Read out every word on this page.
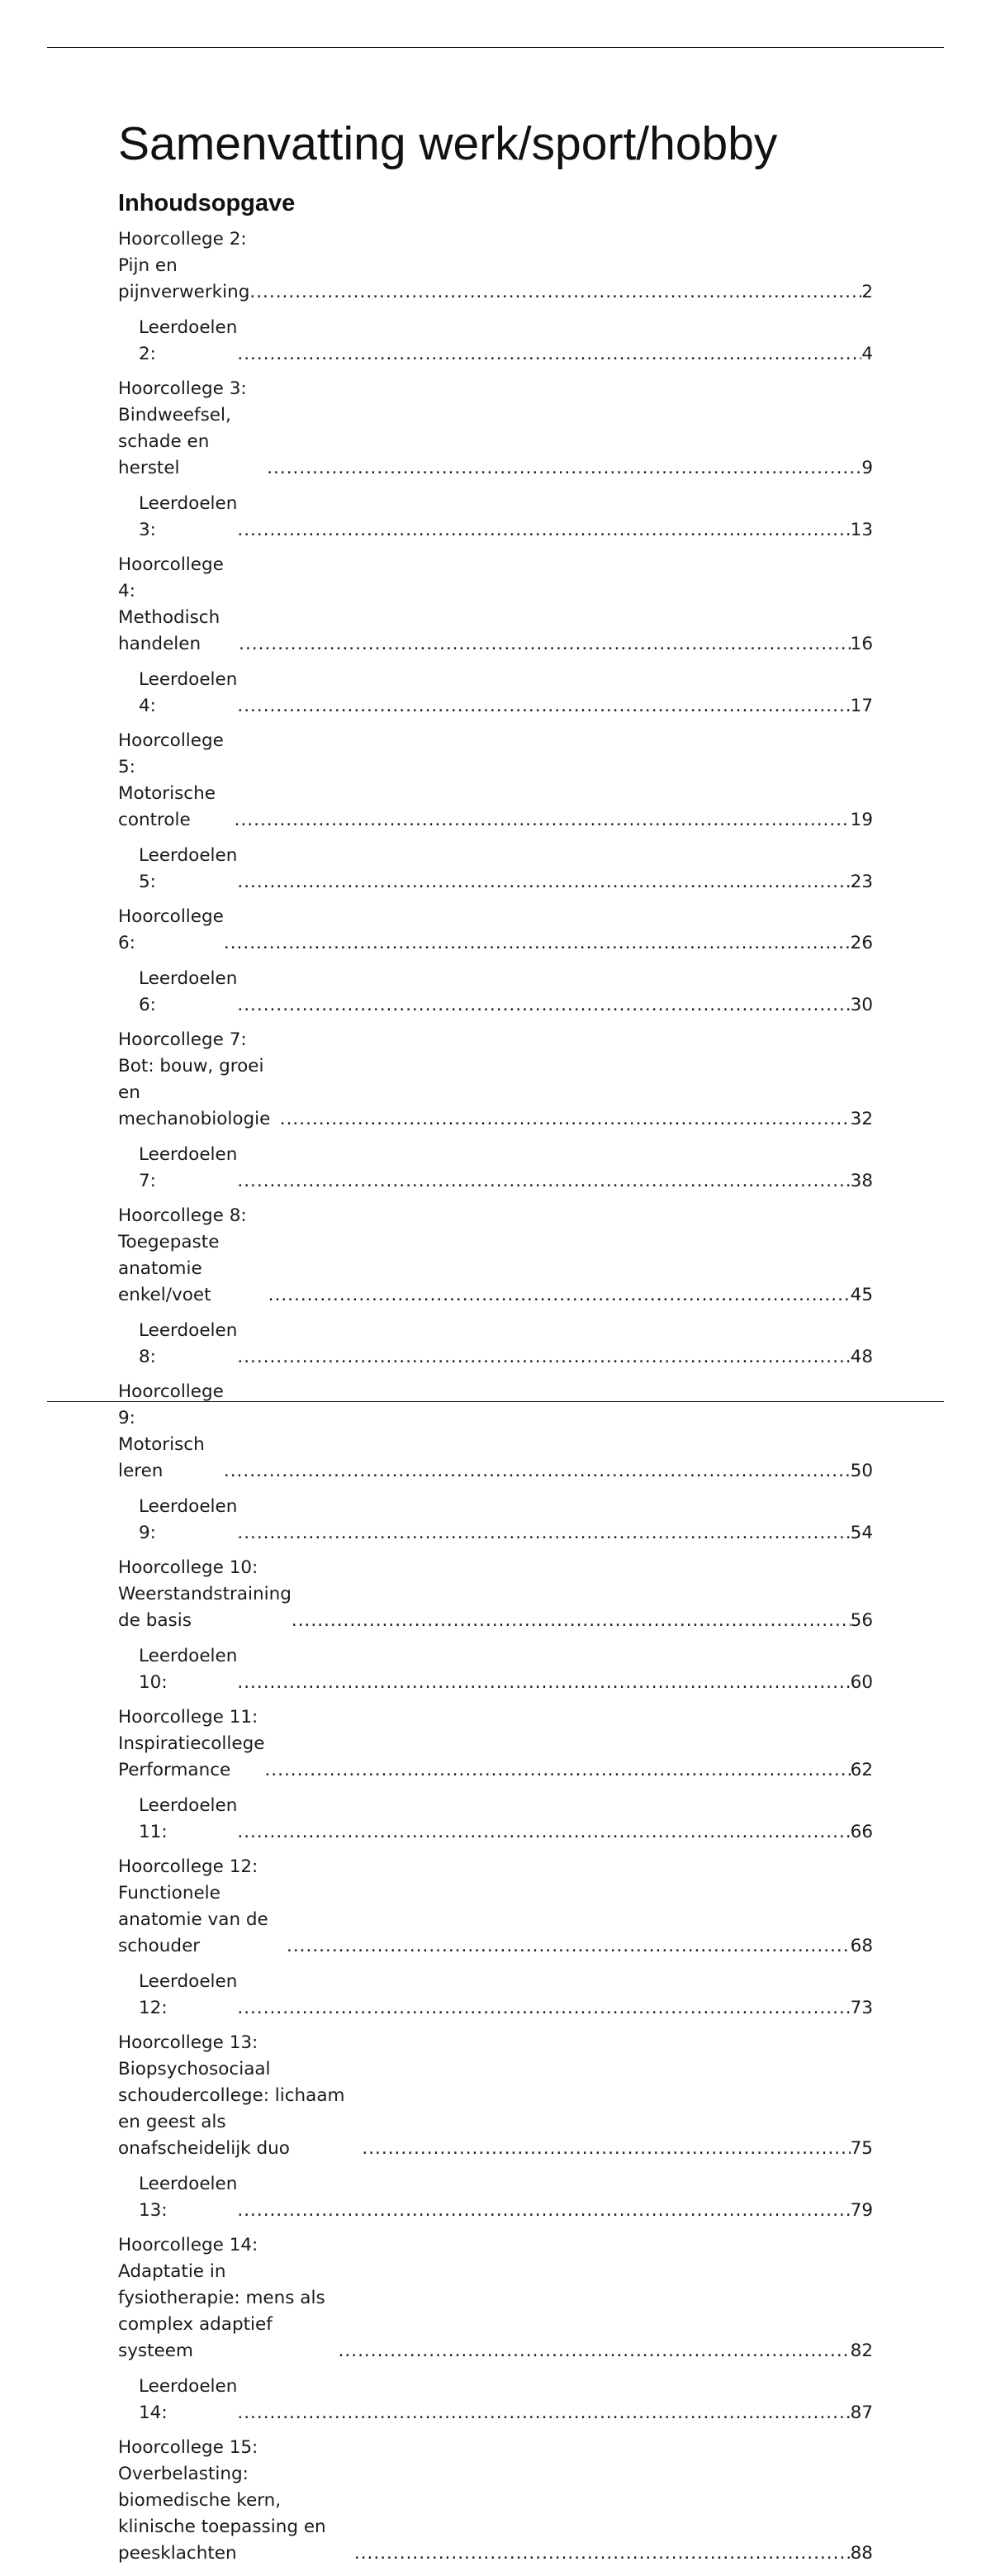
Samenvatting werk/sport/hobby
Inhoudsopgave
Hoorcollege 2: Pijn en pijnverwerking .....	2
Leerdoelen 2: .....	4
Hoorcollege 3: Bindweefsel, schade en herstel .....	9
Leerdoelen 3: .....	13
Hoorcollege 4: Methodisch handelen .....	16
Leerdoelen 4: .....	17
Hoorcollege 5: Motorische controle .....	19
Leerdoelen 5: .....	23
Hoorcollege 6: .....	26
Leerdoelen 6: .....	30
Hoorcollege 7: Bot: bouw, groei en mechanobiologie .....	32
Leerdoelen 7: .....	38
Hoorcollege 8: Toegepaste anatomie enkel/voet .....	45
Leerdoelen 8: .....	48
Hoorcollege 9: Motorisch leren .....	50
Leerdoelen 9: .....	54
Hoorcollege 10: Weerstandstraining de basis .....	56
Leerdoelen 10: .....	60
Hoorcollege 11: Inspiratiecollege Performance .....	62
Leerdoelen 11: .....	66
Hoorcollege 12: Functionele anatomie van de schouder .....	68
Leerdoelen 12: .....	73
Hoorcollege 13: Biopsychosociaal schoudercollege: lichaam en geest als onafscheidelijk duo .....	75
Leerdoelen 13: .....	79
Hoorcollege 14: Adaptatie in fysiotherapie: mens als complex adaptief systeem .....	82
Leerdoelen 14: .....	87
Hoorcollege 15: Overbelasting: biomedische kern, klinische toepassing en peesklachten .....	88
